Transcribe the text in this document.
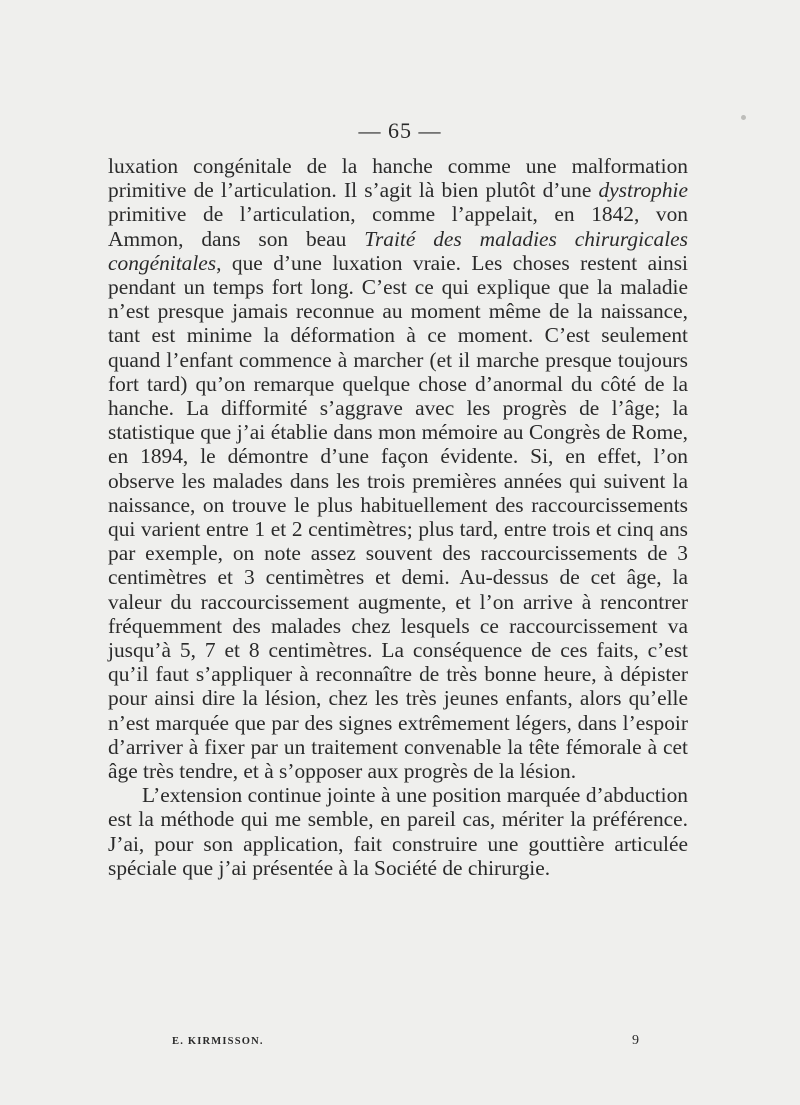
— 65 —

luxation congénitale de la hanche comme une malformation primitive de l’articulation. Il s’agit là bien plutôt d’une dystrophie primitive de l’articulation, comme l’appelait, en 1842, von Ammon, dans son beau Traité des maladies chirurgicales congénitales, que d’une luxation vraie. Les choses restent ainsi pendant un temps fort long. C’est ce qui explique que la maladie n’est presque jamais reconnue au moment même de la naissance, tant est minime la déformation à ce moment. C’est seulement quand l’enfant commence à marcher (et il marche presque toujours fort tard) qu’on remarque quelque chose d’anormal du côté de la hanche. La difformité s’aggrave avec les progrès de l’âge; la statistique que j’ai établie dans mon mémoire au Congrès de Rome, en 1894, le démontre d’une façon évidente. Si, en effet, l’on observe les malades dans les trois premières années qui suivent la naissance, on trouve le plus habituellement des raccourcissements qui varient entre 1 et 2 centimètres; plus tard, entre trois et cinq ans par exemple, on note assez souvent des raccourcissements de 3 centimètres et 3 centimètres et demi. Au-dessus de cet âge, la valeur du raccourcissement augmente, et l’on arrive à rencontrer fréquemment des malades chez lesquels ce raccourcissement va jusqu’à 5, 7 et 8 centimètres. La conséquence de ces faits, c’est qu’il faut s’appliquer à reconnaître de très bonne heure, à dépister pour ainsi dire la lésion, chez les très jeunes enfants, alors qu’elle n’est marquée que par des signes extrêmement légers, dans l’espoir d’arriver à fixer par un traitement convenable la tête fémorale à cet âge très tendre, et à s’opposer aux progrès de la lésion.

L’extension continue jointe à une position marquée d’abduction est la méthode qui me semble, en pareil cas, mériter la préférence. J’ai, pour son application, fait construire une gouttière articulée spéciale que j’ai présentée à la Société de chirurgie.

E. KIRMISSON.	9
